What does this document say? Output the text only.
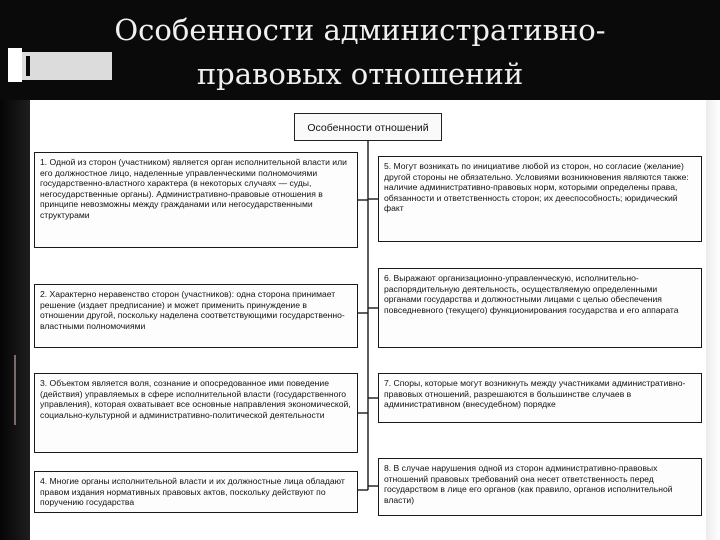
Особенности административно-
правовых отношений
Особенности отношений
1. Одной из сторон (участником) является орган исполнительной власти или его должностное лицо, наделенные управленческими полномочиями государственно-властного характера (в некоторых случаях — суды, негосударственные органы). Административно-правовые отношения в принципе невозможны между гражданами или негосударственными структурами
2. Характерно неравенство сторон (участников): одна сторона принимает решение (издает предписание) и может применить принуждение в отношении другой, поскольку наделена соответствующими государственно-властными полномочиями
3. Объектом является воля, сознание и опосредованное ими поведение (действия) управляемых в сфере исполнительной власти (государственного управления), которая охватывает все основные направления экономической, социально-культурной и административно-политической деятельности
4. Многие органы исполнительной власти и их должностные лица обладают правом издания нормативных правовых актов, поскольку действуют по поручению государства
5. Могут возникать по инициативе любой из сторон, но согласие (желание) другой стороны не обязательно. Условиями возникновения являются также: наличие административно-правовых норм, которыми определены права, обязанности и ответственность сторон; их дееспособность; юридический факт
6. Выражают организационно-управленческую, исполнительно-распорядительную деятельность, осуществляемую определенными органами государства и должностными лицами с целью обеспечения повседневного (текущего) функционирования государства и его аппарата
7. Споры, которые могут возникнуть между участниками административно-правовых отношений, разрешаются в большинстве случаев в административном (внесудебном) порядке
8. В случае нарушения одной из сторон административно-правовых отношений правовых требований она несет ответственность перед государством в лице его органов (как правило, органов исполнительной власти)
